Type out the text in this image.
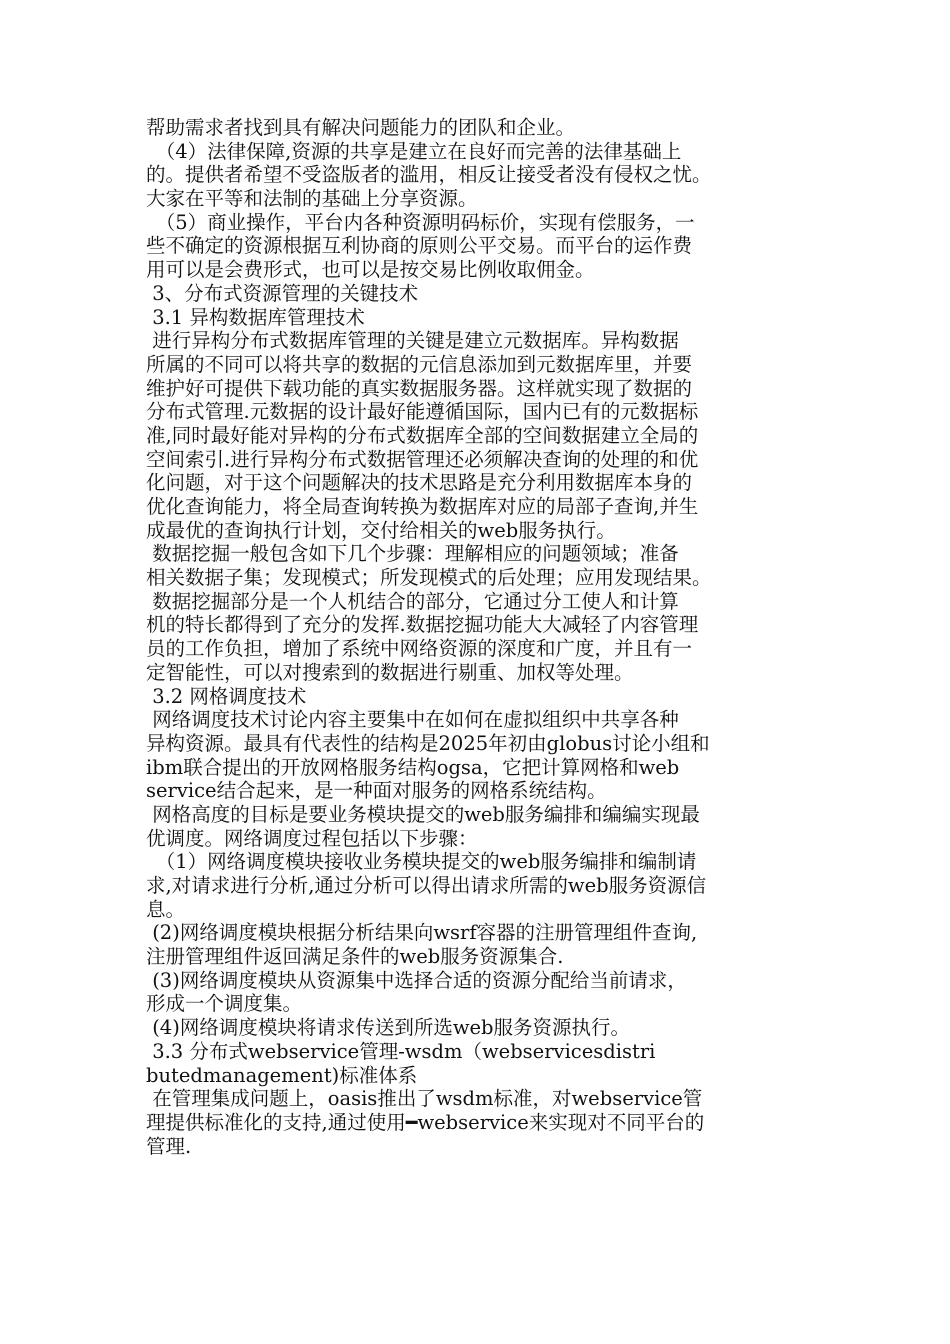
帮助需求者找到具有解决问题能力的团队和企业。
　（4）法律保障,资源的共享是建立在良好而完善的法律基础上
的。提供者希望不受盗版者的滥用，相反让接受者没有侵权之忧。
大家在平等和法制的基础上分享资源。
　（5）商业操作，平台内各种资源明码标价，实现有偿服务，一
些不确定的资源根据互利协商的原则公平交易。而平台的运作费
用可以是会费形式，也可以是按交易比例收取佣金。
3、分布式资源管理的关键技术
3.1 异构数据库管理技术
进行异构分布式数据库管理的关键是建立元数据库。异构数据
所属的不同可以将共享的数据的元信息添加到元数据库里，并要
维护好可提供下载功能的真实数据服务器。这样就实现了数据的
分布式管理.元数据的设计最好能遵循国际，国内已有的元数据标
准,同时最好能对异构的分布式数据库全部的空间数据建立全局的
空间索引.进行异构分布式数据管理还必须解决查询的处理的和优
化问题，对于这个问题解决的技术思路是充分利用数据库本身的
优化查询能力，将全局查询转换为数据库对应的局部子查询,并生
成最优的查询执行计划，交付给相关的web服务执行。
数据挖掘一般包含如下几个步骤：理解相应的问题领域；准备
相关数据子集；发现模式；所发现模式的后处理；应用发现结果。
数据挖掘部分是一个人机结合的部分，它通过分工使人和计算
机的特长都得到了充分的发挥.数据挖掘功能大大减轻了内容管理
员的工作负担，增加了系统中网络资源的深度和广度，并且有一
定智能性，可以对搜索到的数据进行剔重、加权等处理。
3.2 网格调度技术
网络调度技术讨论内容主要集中在如何在虚拟组织中共享各种
异构资源。最具有代表性的结构是2025年初由globus讨论小组和
ibm联合提出的开放网格服务结构ogsa，它把计算网格和web
service结合起来，是一种面对服务的网格系统结构。
网格高度的目标是要业务模块提交的web服务编排和编编实现最
优调度。网络调度过程包括以下步骤：
　（1）网络调度模块接收业务模块提交的web服务编排和编制请
求,对请求进行分析,通过分析可以得出请求所需的web服务资源信
息。
(2)网络调度模块根据分析结果向wsrf容器的注册管理组件查询,
注册管理组件返回满足条件的web服务资源集合.
(3)网络调度模块从资源集中选择合适的资源分配给当前请求，
形成一个调度集。
(4)网络调度模块将请求传送到所选web服务资源执行。
3.3 分布式webservice管理-wsdm（webservicesdistri
butedmanagement)标准体系
在管理集成问题上，oasis推出了wsdm标准，对webservice管
理提供标准化的支持,通过使用━webservice来实现对不同平台的
管理.
